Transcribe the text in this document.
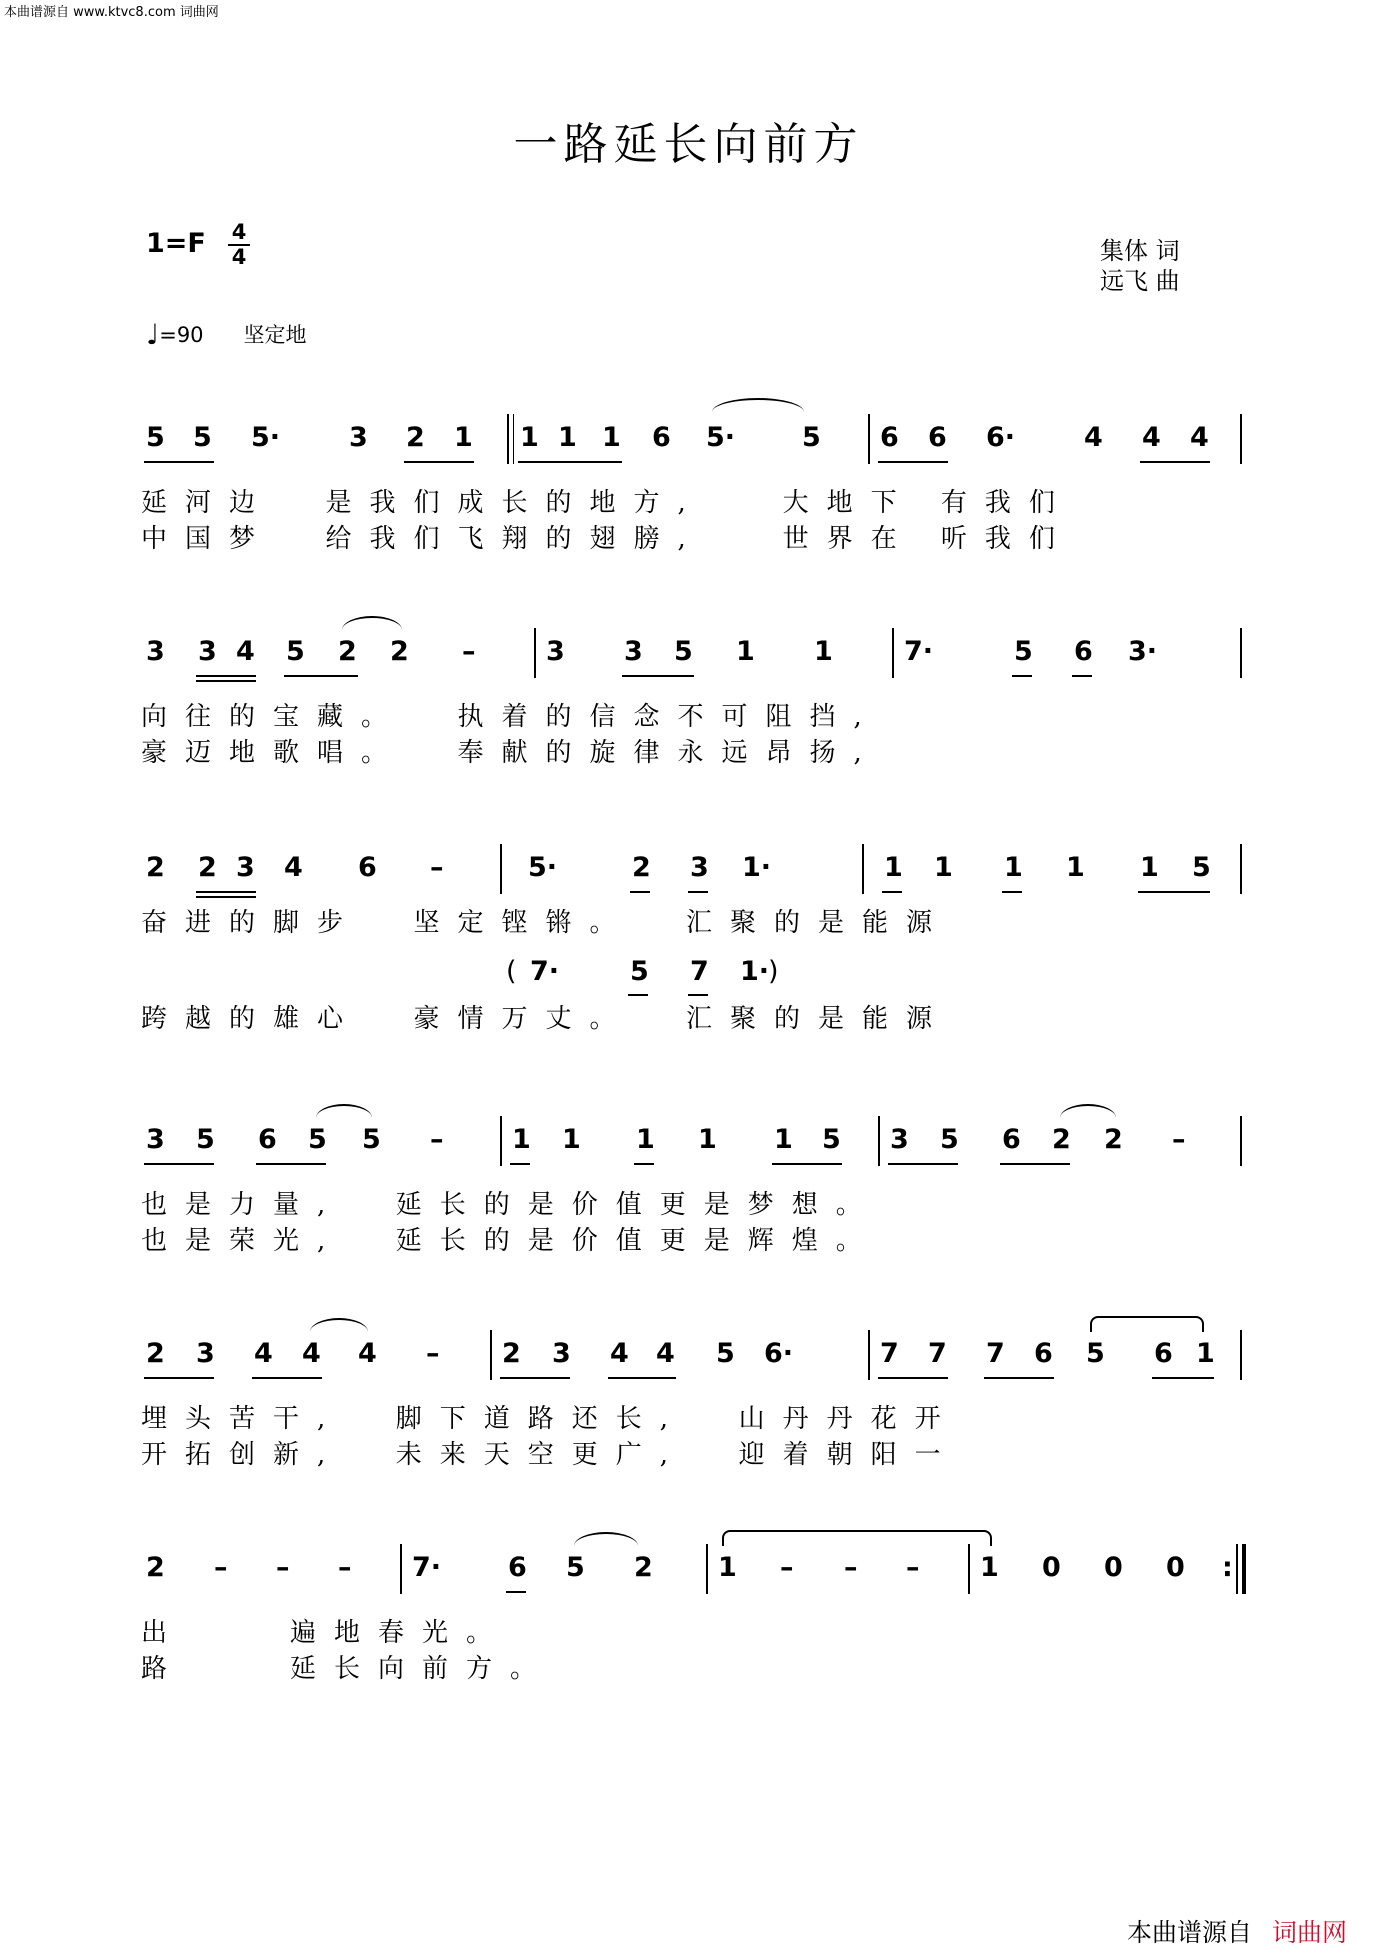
本曲谱源自 www.ktvc8.com 词曲网
一路延长向前方
1=F 4
4	集体 词
远飞 曲
♩=90 坚定地
5 5 5·	3 2 1 1 1 1 6 5· 5 6 6 6·	4 4 4
延河边  是我们成长的地方,   大地下 有我们
中国梦  给我们飞翔的翅膀,   世界在 听我们
3 3 4 5 2 2 –	3 3 5 1 1	7·	5 6 3·
向往的宝藏。  执着的信念不可阻挡,
豪迈地歌唱。  奉献的旋律永远昂扬,
2 2 3 4 6 –	5·	2 3 1·	1 1 1 1 1 5
奋进的脚步  坚定铿锵。  汇聚的是能源
( 7·	5 7 1·
)
跨越的雄心  豪情万丈。  汇聚的是能源
3 5 6 5 5 –	1 1 1 1 1 5 3 5 6 2 2 –
也是力量,  延长的是价值更是梦想。
也是荣光,  延长的是价值更是辉煌。
2 3 4 4 4 – 2 3 4 4 5 6·	7 7 7 6 5 6 1
埋头苦干,  脚下道路还长,  山丹丹花开
开拓创新,  未来天空更广,  迎着朝阳一
2 – – – 7· 6 5 2 1 – – – 1 0 0 0 :
出    遍地春光。
路    延长向前方。
本曲谱源自 词曲网
